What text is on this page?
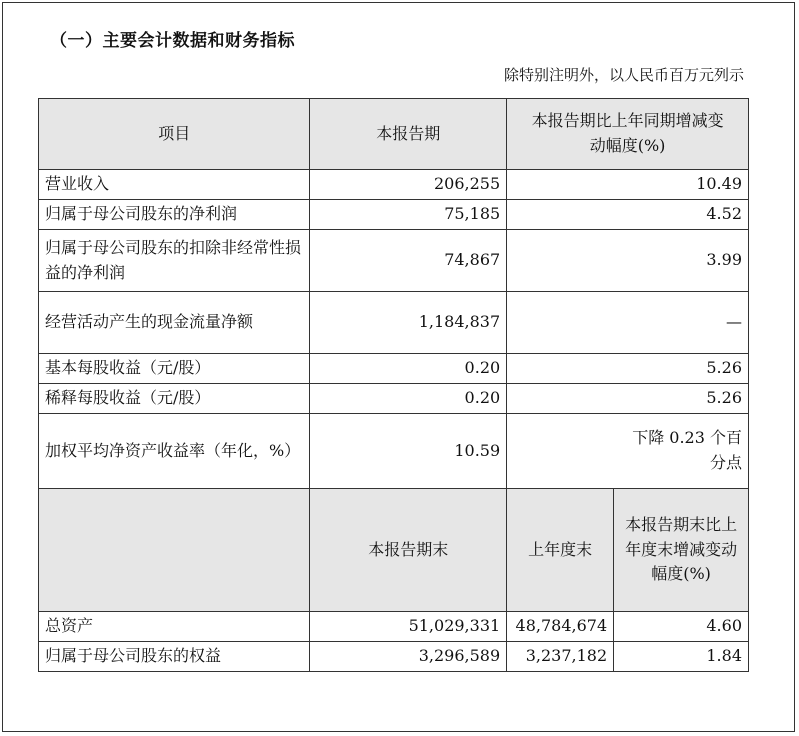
（一）主要会计数据和财务指标
除特别注明外，以人民币百万元列示
项目	本报告期	本报告期比上年同期增减变动幅度(%)	
营业收入	206,255	10.49	
归属于母公司股东的净利润	75,185	4.52	
归属于母公司股东的扣除非经常性损益的净利润	74,867	3.99	
经营活动产生的现金流量净额	1,184,837	—	
基本每股收益（元/股）	0.20	5.26	
稀释每股收益（元/股）	0.20	5.26	
加权平均净资产收益率（年化，%）	10.59	下降 0.23 个百分点	
	本报告期末	上年度末	本报告期末比上年度末增减变动幅度(%)
总资产	51,029,331	48,784,674	4.60
归属于母公司股东的权益	3,296,589	3,237,182	1.84
